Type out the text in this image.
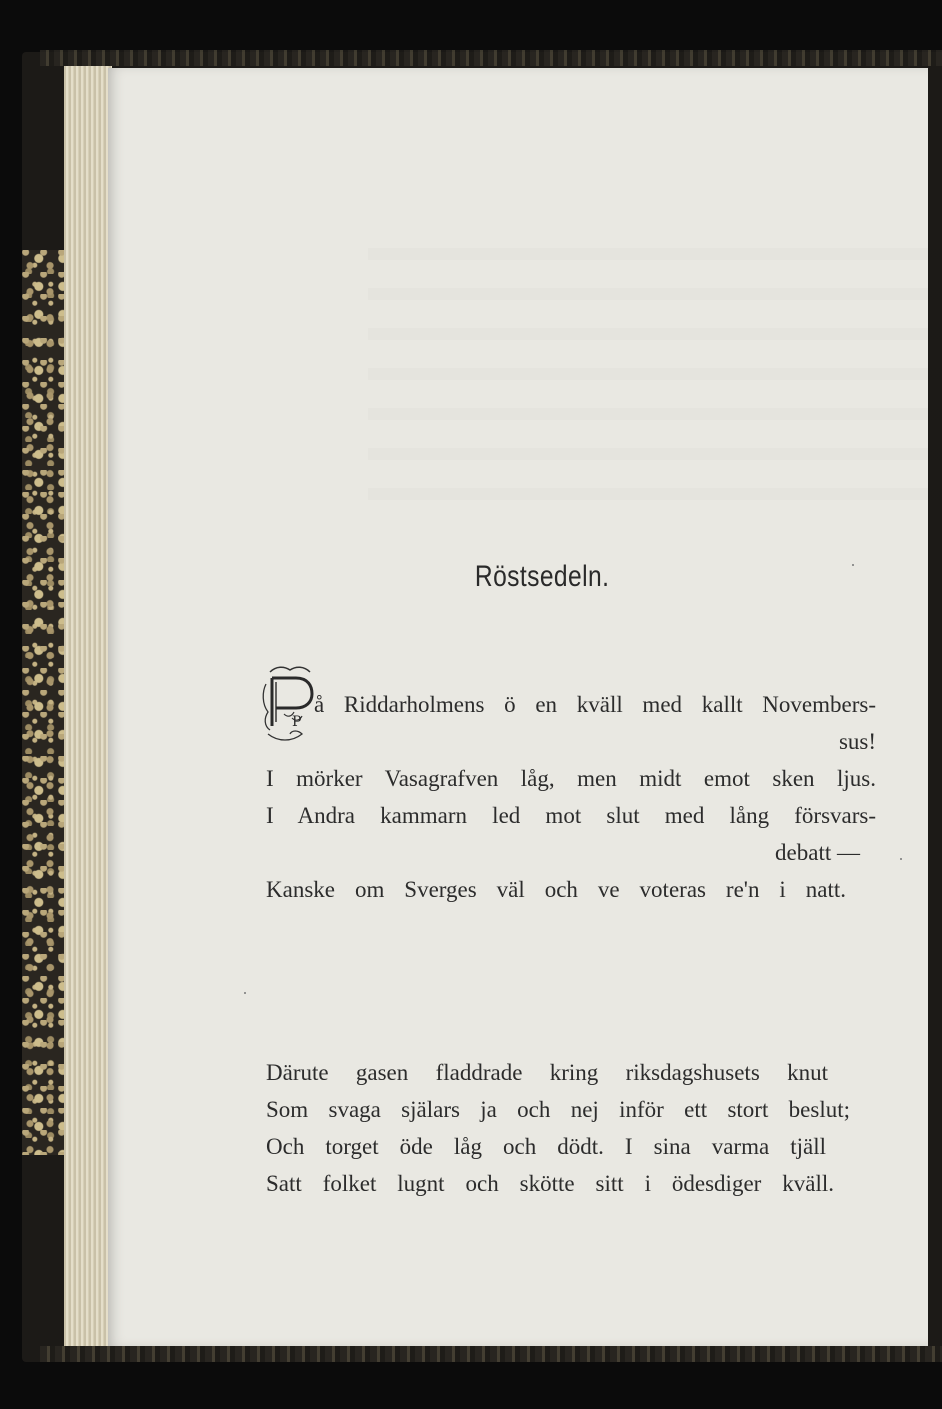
Röstsedeln.
P
å Riddarholmens ö en kväll med kallt Novembers-
sus!
I mörker Vasagrafven låg, men midt emot sken ljus.
I Andra kammarn led mot slut med lång försvars-
debatt —
Kanske om Sverges väl och ve voteras re'n i natt.
Därute gasen fladdrade kring riksdagshusets knut
Som svaga själars ja och nej inför ett stort beslut;
Och torget öde låg och dödt. I sina varma tjäll
Satt folket lugnt och skötte sitt i ödesdiger kväll.
